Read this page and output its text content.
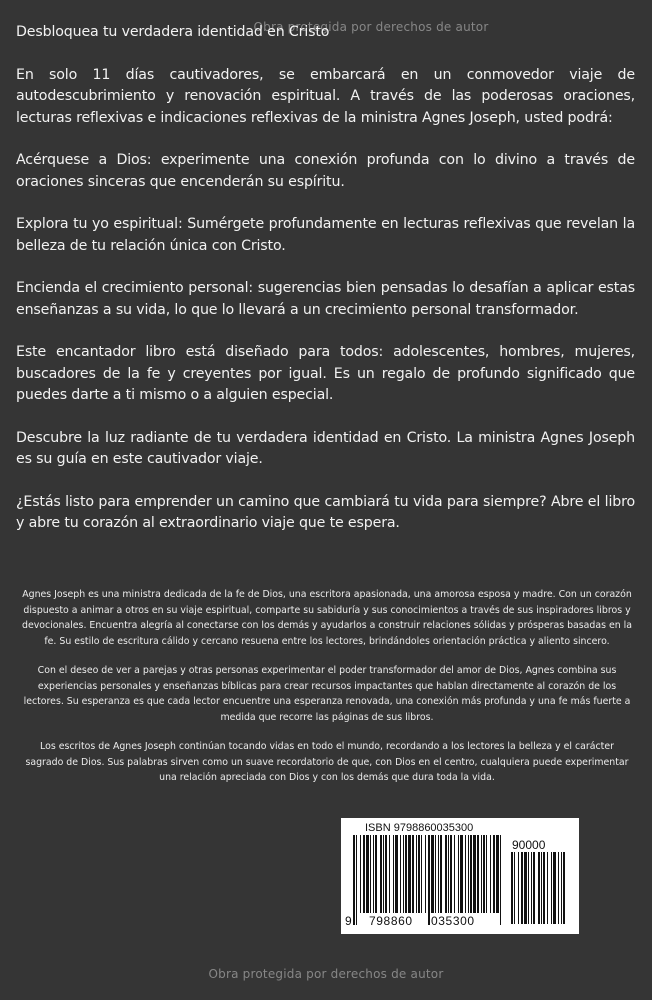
Obra protegida por derechos de autor

Desbloquea tu verdadera identidad en Cristo

En solo 11 días cautivadores, se embarcará en un conmovedor viaje de autodescubrimiento y renovación espiritual. A través de las poderosas oraciones, lecturas reflexivas e indicaciones reflexivas de la ministra Agnes Joseph, usted podrá:

Acérquese a Dios: experimente una conexión profunda con lo divino a través de oraciones sinceras que encenderán su espíritu.

Explora tu yo espiritual: Sumérgete profundamente en lecturas reflexivas que revelan la belleza de tu relación única con Cristo.

Encienda el crecimiento personal: sugerencias bien pensadas lo desafían a aplicar estas enseñanzas a su vida, lo que lo llevará a un crecimiento personal transformador.

Este encantador libro está diseñado para todos: adolescentes, hombres, mujeres, buscadores de la fe y creyentes por igual. Es un regalo de profundo significado que puedes darte a ti mismo o a alguien especial.

Descubre la luz radiante de tu verdadera identidad en Cristo. La ministra Agnes Joseph es su guía en este cautivador viaje.

¿Estás listo para emprender un camino que cambiará tu vida para siempre? Abre el libro y abre tu corazón al extraordinario viaje que te espera.

Agnes Joseph es una ministra dedicada de la fe de Dios, una escritora apasionada, una amorosa esposa y madre. Con un corazón dispuesto a animar a otros en su viaje espiritual, comparte su sabiduría y sus conocimientos a través de sus inspiradores libros y devocionales. Encuentra alegría al conectarse con los demás y ayudarlos a construir relaciones sólidas y prósperas basadas en la fe. Su estilo de escritura cálido y cercano resuena entre los lectores, brindándoles orientación práctica y aliento sincero.

Con el deseo de ver a parejas y otras personas experimentar el poder transformador del amor de Dios, Agnes combina sus experiencias personales y enseñanzas bíblicas para crear recursos impactantes que hablan directamente al corazón de los lectores. Su esperanza es que cada lector encuentre una esperanza renovada, una conexión más profunda y una fe más fuerte a medida que recorre las páginas de sus libros.

Los escritos de Agnes Joseph continúan tocando vidas en todo el mundo, recordando a los lectores la belleza y el carácter sagrado de Dios. Sus palabras sirven como un suave recordatorio de que, con Dios en el centro, cualquiera puede experimentar una relación apreciada con Dios y con los demás que dura toda la vida.

ISBN 9798860035300
90000
9 798860 035300
Obra protegida por derechos de autor
